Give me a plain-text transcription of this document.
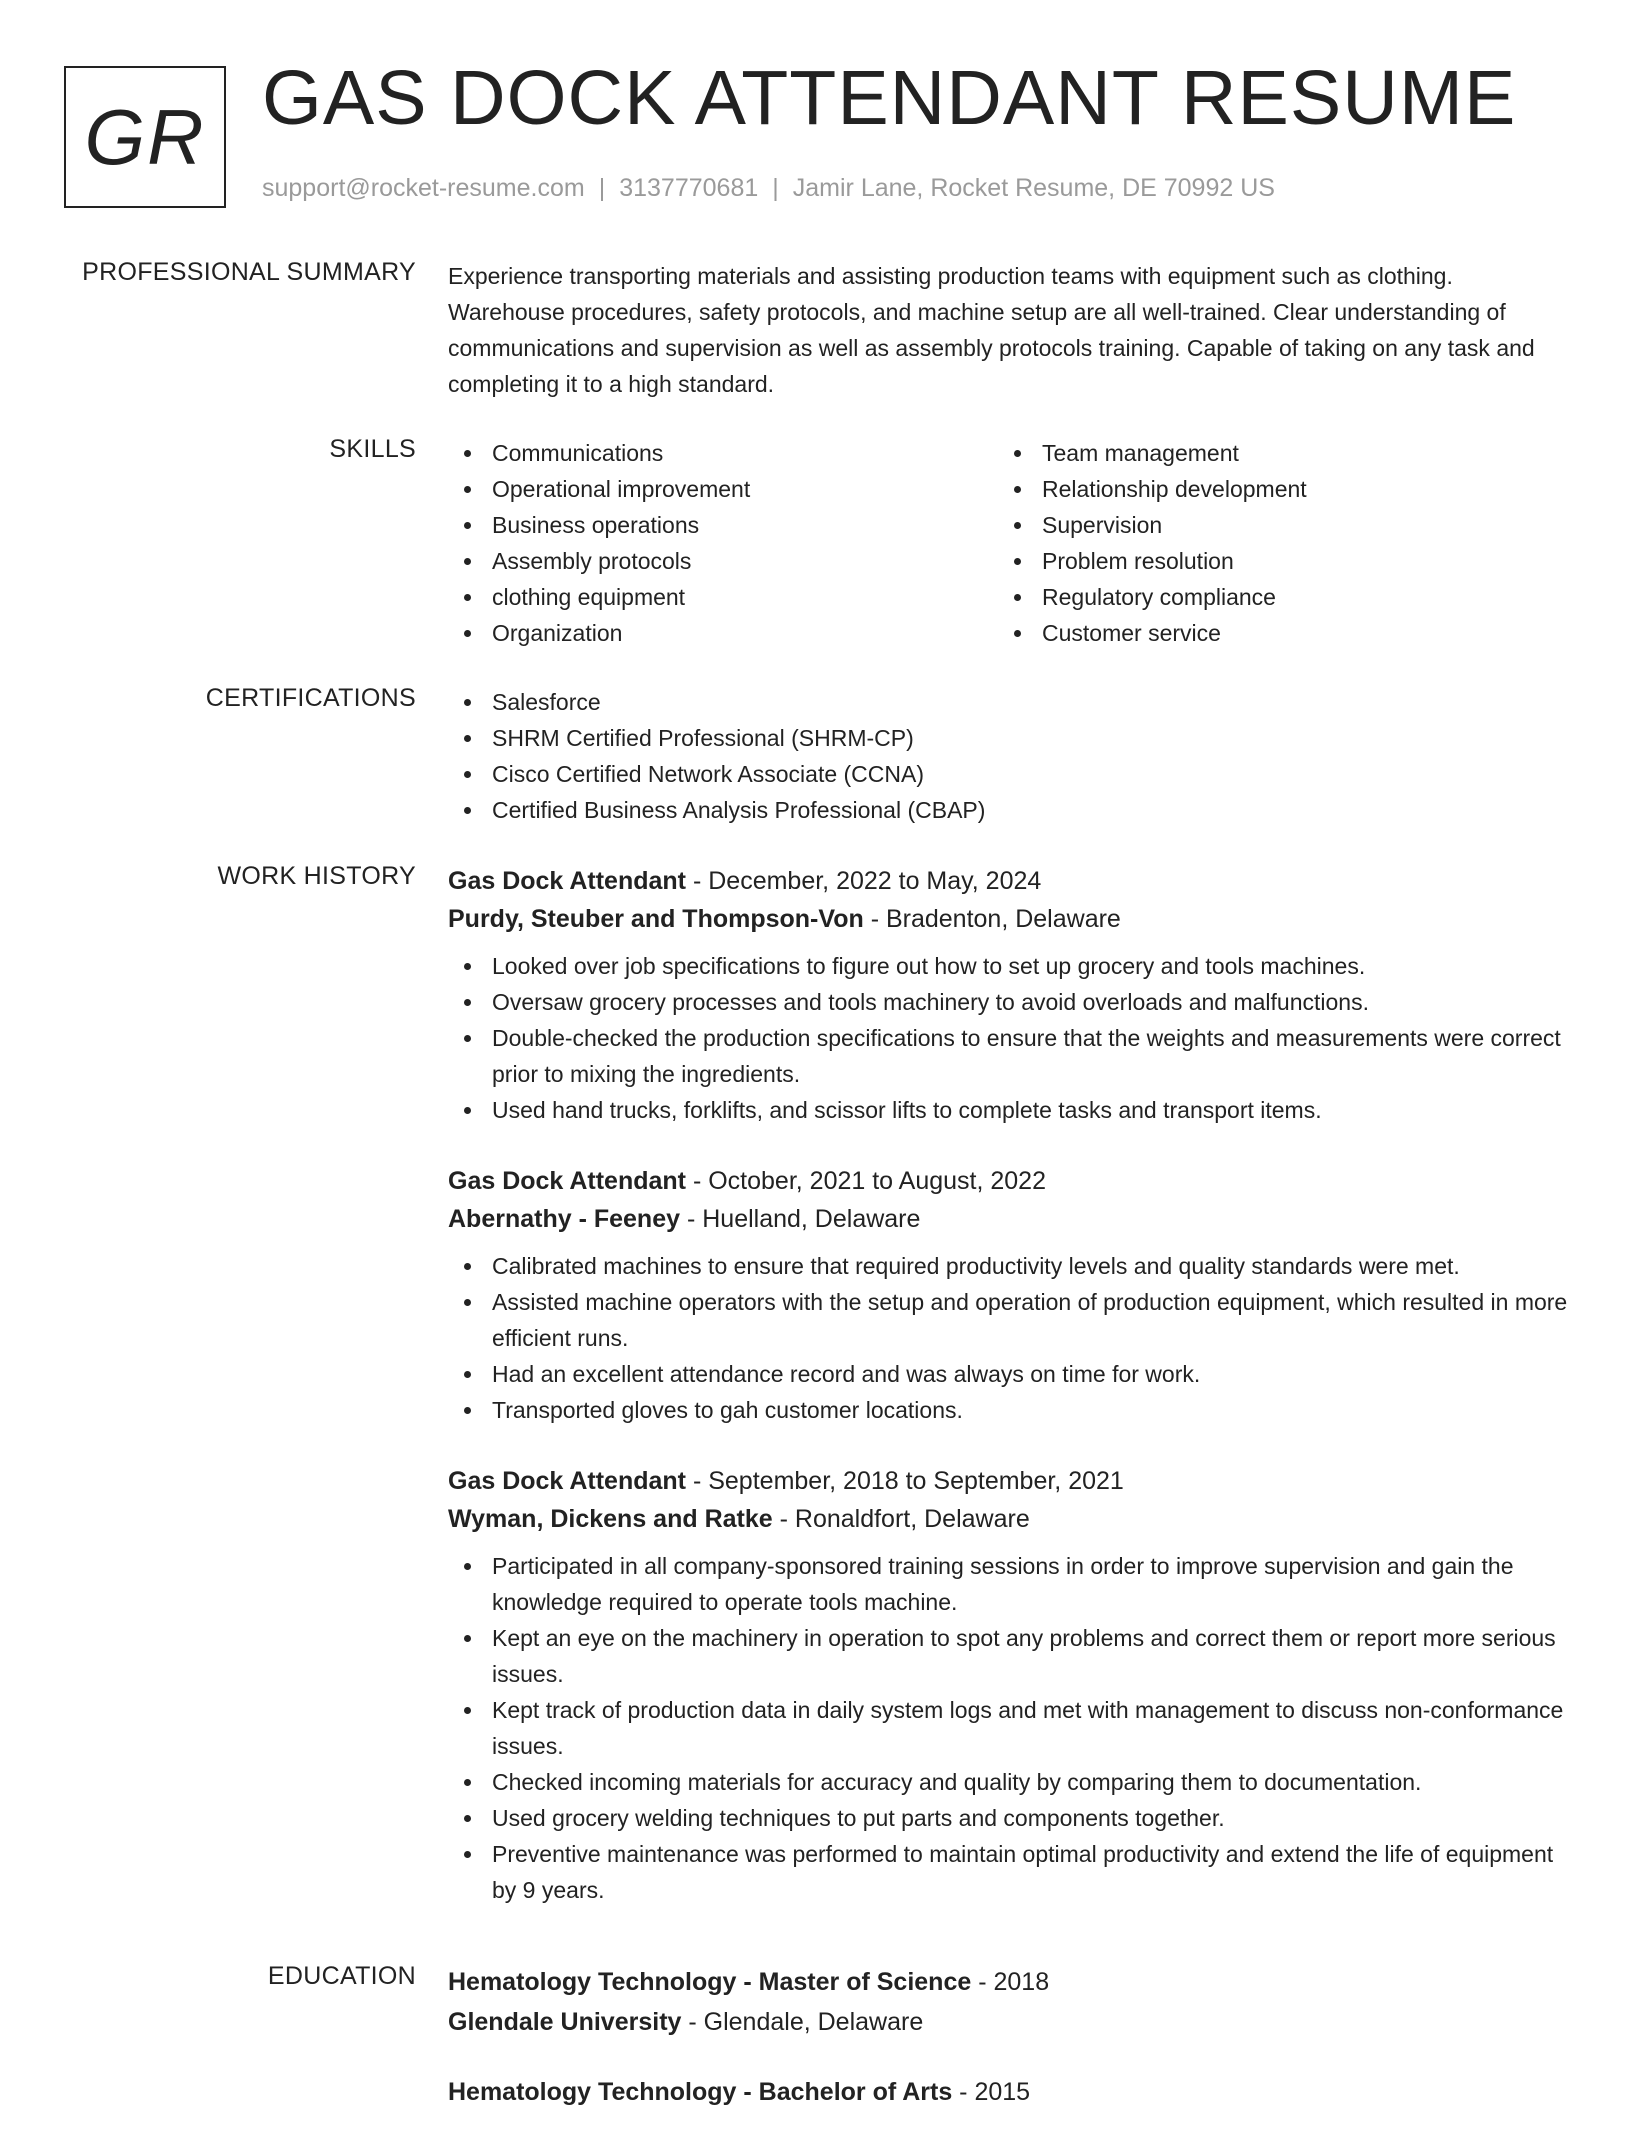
GR GAS DOCK ATTENDANT RESUME
support@rocket-resume.com | 3137770681 | Jamir Lane, Rocket Resume, DE 70992 US
PROFESSIONAL SUMMARY Experience transporting materials and assisting production teams with equipment such as clothing. Warehouse procedures, safety protocols, and machine setup are all well-trained. Clear understanding of communications and supervision as well as assembly protocols training. Capable of taking on any task and completing it to a high standard.

SKILLS	Communications
Operational improvement
Business operations
Assembly protocols
clothing equipment
Organization
Team management
Relationship development
Supervision
Problem resolution
Regulatory compliance
Customer service
CERTIFICATIONS	Salesforce
SHRM Certified Professional (SHRM-CP)
Cisco Certified Network Associate (CCNA)
Certified Business Analysis Professional (CBAP)
WORK HISTORY Gas Dock Attendant - December, 2022 to May, 2024
Purdy, Steuber and Thompson-Von - Bradenton, Delaware
Looked over job specifications to figure out how to set up grocery and tools machines.
Oversaw grocery processes and tools machinery to avoid overloads and malfunctions.
Double-checked the production specifications to ensure that the weights and measurements were correct prior to mixing the ingredients.
Used hand trucks, forklifts, and scissor lifts to complete tasks and transport items.
Gas Dock Attendant - October, 2021 to August, 2022
Abernathy - Feeney - Huelland, Delaware
Calibrated machines to ensure that required productivity levels and quality standards were met.
Assisted machine operators with the setup and operation of production equipment, which resulted in more efficient runs.
Had an excellent attendance record and was always on time for work.
Transported gloves to gah customer locations.
Gas Dock Attendant - September, 2018 to September, 2021
Wyman, Dickens and Ratke - Ronaldfort, Delaware
Participated in all company-sponsored training sessions in order to improve supervision and gain the knowledge required to operate tools machine.
Kept an eye on the machinery in operation to spot any problems and correct them or report more serious issues.
Kept track of production data in daily system logs and met with management to discuss non-conformance issues.
Checked incoming materials for accuracy and quality by comparing them to documentation.
Used grocery welding techniques to put parts and components together.
Preventive maintenance was performed to maintain optimal productivity and extend the life of equipment by 9 years.
EDUCATION Hematology Technology - Master of Science - 2018
Glendale University - Glendale, Delaware
Hematology Technology - Bachelor of Arts - 2015
